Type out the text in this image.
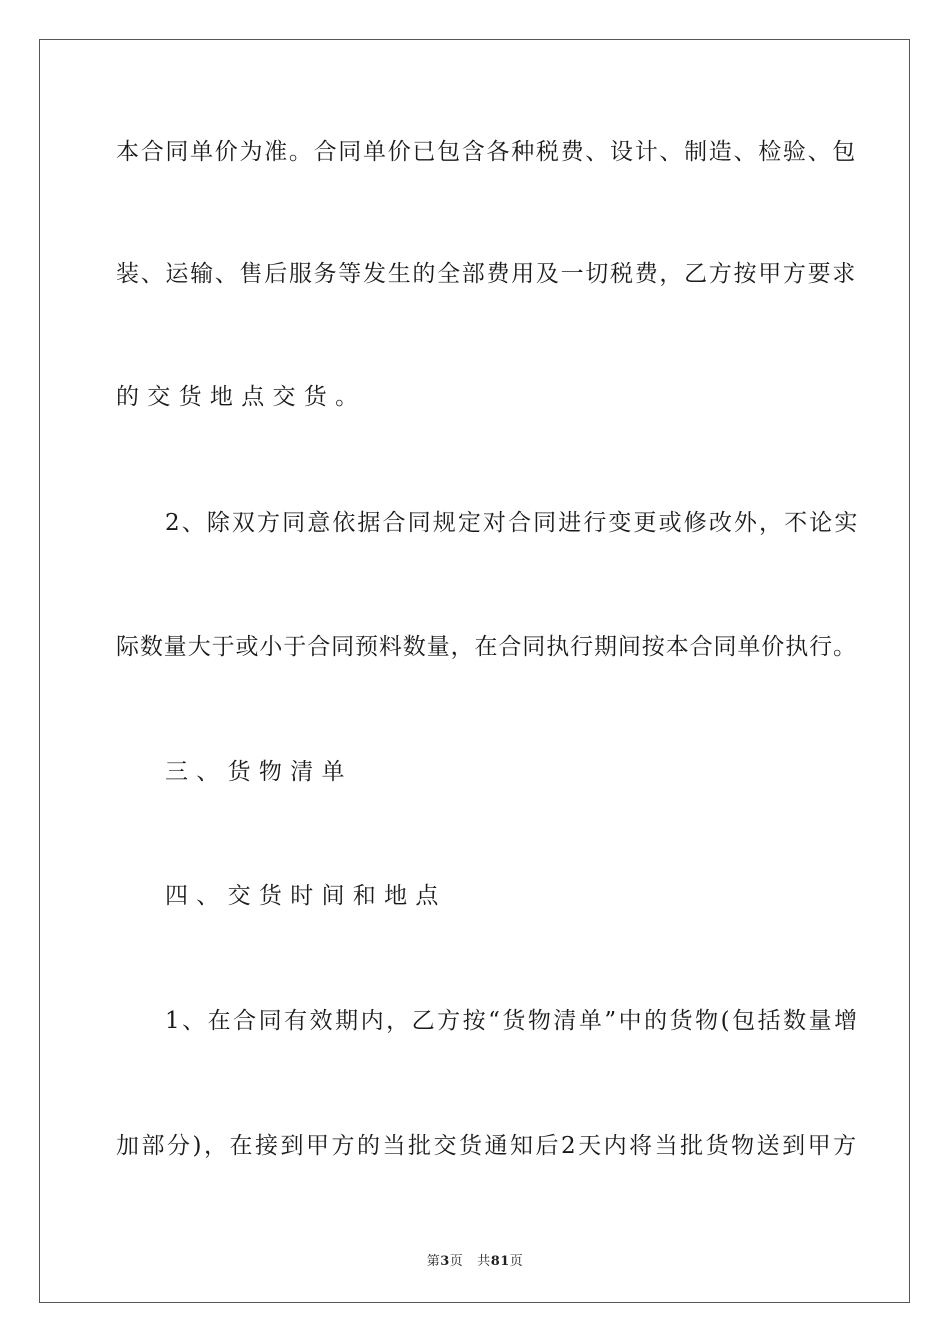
本合同单价为准。合同单价已包含各种税费、设计、制造、检验、包

装、运输、售后服务等发生的全部费用及一切税费，乙方按甲方要求

的交货地点交货。

2、除双方同意依据合同规定对合同进行变更或修改外，不论实

际数量大于或小于合同预料数量，在合同执行期间按本合同单价执行。

三、货物清单

四、交货时间和地点

1、在合同有效期内，乙方按“货物清单”中的货物(包括数量增

加部分)，在接到甲方的当批交货通知后2天内将当批货物送到甲方

第3页 共81页
